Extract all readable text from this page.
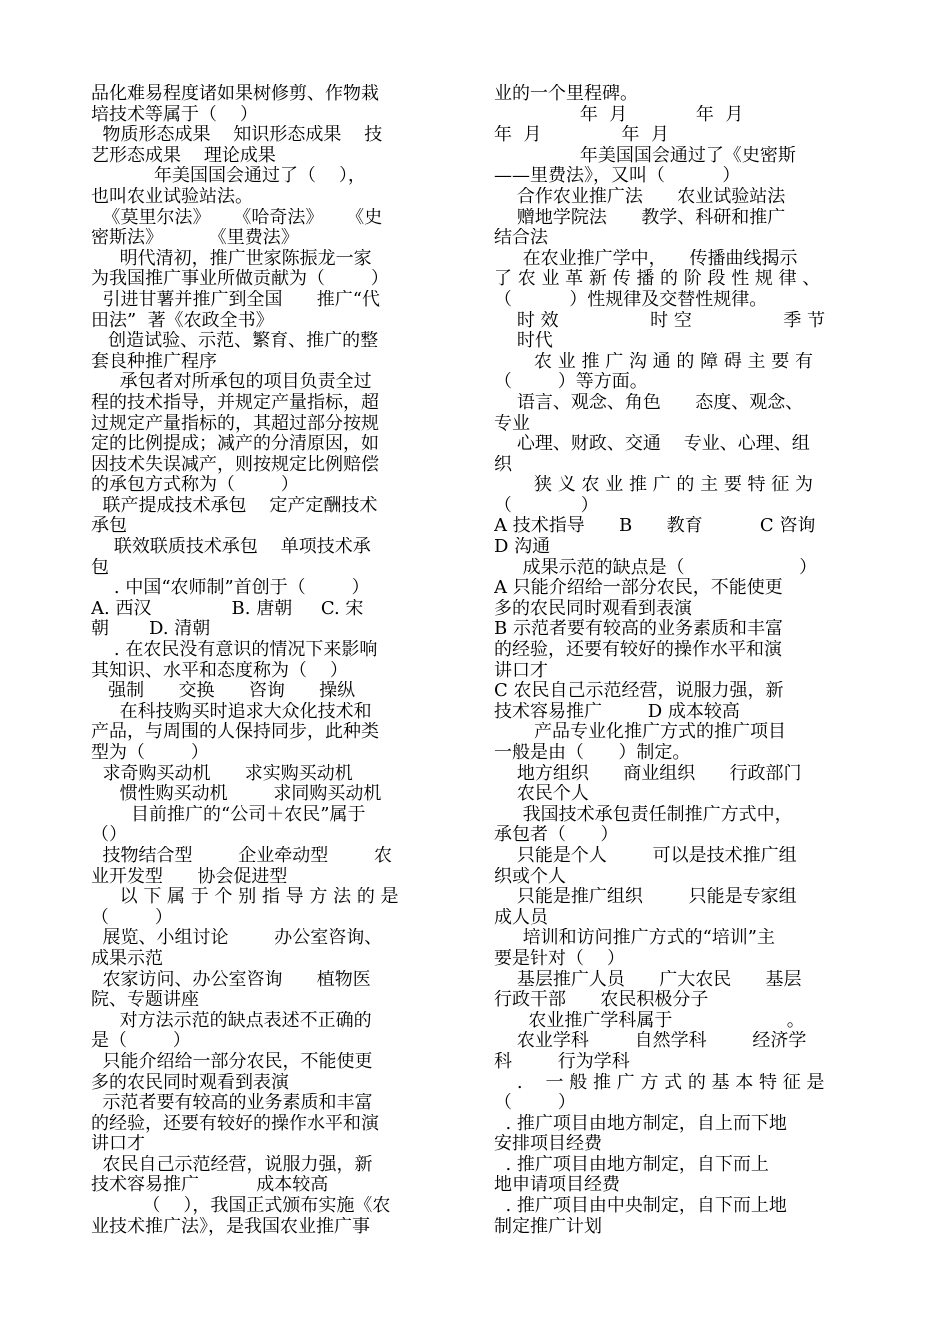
品化难易程度诸如果树修剪、作物栽
培技术等属于（    ）
物质形态成果    知识形态成果    技
艺形态成果    理论成果
年美国国会通过了（    ），
也叫农业试验站法。
《莫里尔法》    《哈奇法》    《史
密斯法》        《里费法》
明代清初，推广世家陈振龙一家
为我国推广事业所做贡献为（        ）
引进甘薯并推广到全国      推广“代
田法”  著《农政全书》
创造试验、示范、繁育、推广的整
套良种推广程序
承包者对所承包的项目负责全过
程的技术指导，并规定产量指标，超
过规定产量指标的，其超过部分按规
定的比例提成；减产的分清原因，如
因技术失误减产，则按规定比例赔偿
的承包方式称为（        ）
联产提成技术承包    定产定酬技术
承包
联效联质技术承包    单项技术承
包
. 中国“农师制”首创于（        ）
A. 西汉              B. 唐朝     C. 宋
朝       D. 清朝
. 在农民没有意识的情况下来影响
其知识、水平和态度称为（    ）
强制      交换      咨询      操纵
在科技购买时追求大众化技术和
产品，与周围的人保持同步，此种类
型为（        ）
求奇购买动机      求实购买动机
惯性购买动机        求同购买动机
目前推广的“公司＋农民”属于
（）
技物结合型        企业牵动型        农
业开发型      协会促进型
以 下 属 于 个 别 指 导 方 法 的 是
（        ）
展览、小组讨论        办公室咨询、
成果示范
农家访问、办公室咨询      植物医
院、专题讲座
对方法示范的缺点表述不正确的
是（        ）
只能介绍给一部分农民，不能使更
多的农民同时观看到表演
示范者要有较高的业务素质和丰富
的经验，还要有较好的操作水平和演
讲口才
农民自己示范经营，说服力强，新
技术容易推广          成本较高
（    ），我国正式颁布实施《农
业技术推广法》，是我国农业推广事
业的一个里程碑。
年  月            年  月
年  月              年  月
年美国国会通过了《史密斯
——里费法》，又叫（          ）
合作农业推广法      农业试验站法
赠地学院法      教学、科研和推广
结合法
在农业推广学中，    传播曲线揭示
了 农 业 革 新 传 播 的 阶 段 性 规 律 、
（          ）性规律及交替性规律。
时 效                时 空                季 节
时代
农 业 推 广 沟 通 的 障 碍 主 要 有
（        ）等方面。
语言、观念、角色      态度、观念、
专业
心理、财政、交通    专业、心理、组
织
狭 义 农 业 推 广 的 主 要 特 征 为
（            ）
A 技术指导      B      教育          C 咨询
D 沟通
成果示范的缺点是（                    ）
A 只能介绍给一部分农民，不能使更
多的农民同时观看到表演
B 示范者要有较高的业务素质和丰富
的经验，还要有较好的操作水平和演
讲口才
C 农民自己示范经营，说服力强，新
技术容易推广        D 成本较高
产品专业化推广方式的推广项目
一般是由（      ）制定。
地方组织      商业组织      行政部门
农民个人
我国技术承包责任制推广方式中，
承包者（      ）
只能是个人        可以是技术推广组
织或个人
只能是推广组织        只能是专家组
成人员
培训和访问推广方式的“培训”主
要是针对（    ）
基层推广人员      广大农民      基层
行政干部      农民积极分子
农业推广学科属于                    。
农业学科        自然学科        经济学
科        行为学科
.    一 般 推 广 方 式 的 基 本 特 征 是
（        ）
. 推广项目由地方制定，自上而下地
安排项目经费
. 推广项目由地方制定，自下而上
地申请项目经费
. 推广项目由中央制定，自下而上地
制定推广计划
